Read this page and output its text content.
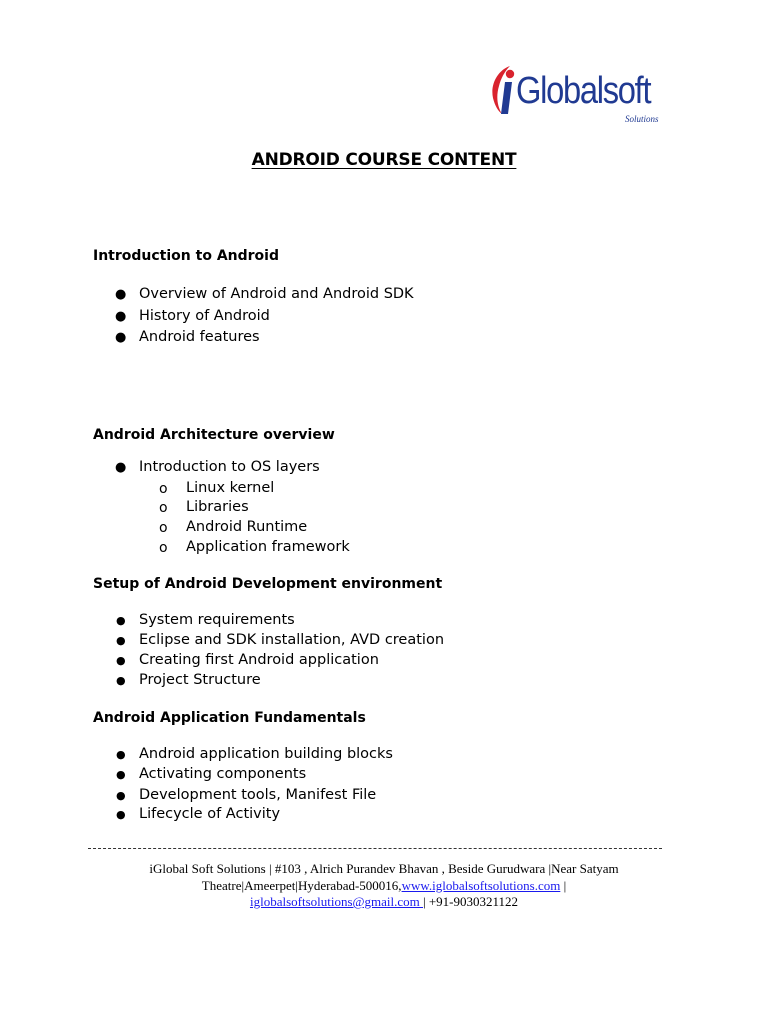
Globalsoft
Solutions
ANDROID COURSE CONTENT
Introduction to Android
● Overview of Android and Android SDK
● History of Android
● Android features
Android Architecture overview
● Introduction to OS layers
o Linux kernel
o Libraries
o Android Runtime
o Application framework
Setup of Android Development environment
● System requirements
● Eclipse and SDK installation, AVD creation
● Creating first Android application
● Project Structure
Android Application Fundamentals
● Android application building blocks
● Activating components
● Development tools, Manifest File
● Lifecycle of Activity
iGlobal Soft Solutions | #103 , Alrich Purandev Bhavan , Beside Gurudwara |Near Satyam
Theatre|Ameerpet|Hyderabad-500016,www.iglobalsoftsolutions.com |
iglobalsoftsolutions@gmail.com | +91-9030321122
